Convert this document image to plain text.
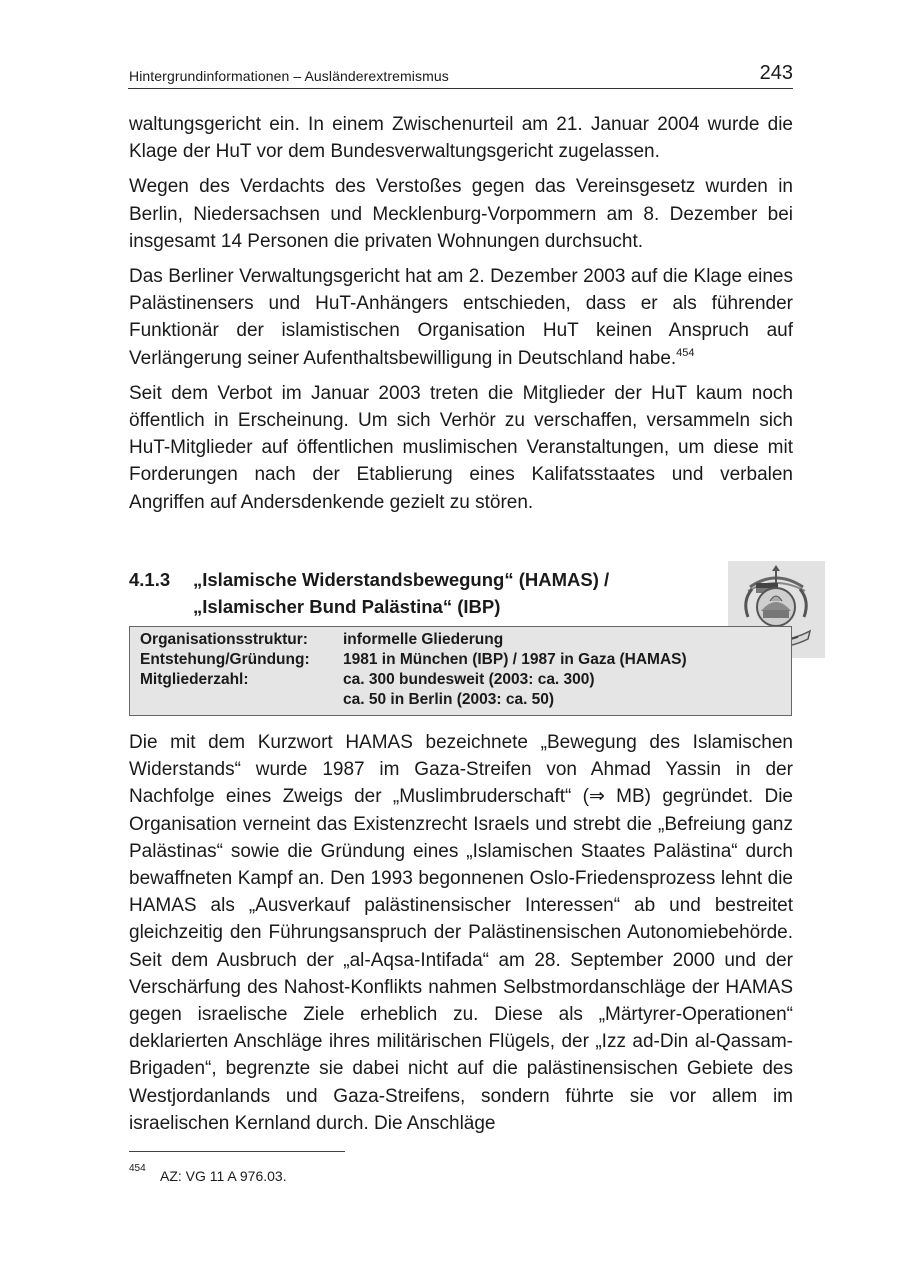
Hintergrundinformationen – Ausländerextremismus	243

waltungsgericht ein. In einem Zwischenurteil am 21. Januar 2004 wurde die Klage der HuT vor dem Bundesverwaltungsgericht zugelassen.

Wegen des Verdachts des Verstoßes gegen das Vereinsgesetz wurden in Berlin, Niedersachsen und Mecklenburg-Vorpommern am 8. Dezember bei insgesamt 14 Personen die privaten Wohnungen durchsucht.

Das Berliner Verwaltungsgericht hat am 2. Dezember 2003 auf die Klage eines Palästinensers und HuT-Anhängers entschieden, dass er als führender Funktionär der islamistischen Organisation HuT keinen Anspruch auf Verlängerung seiner Aufenthaltsbewilligung in Deutschland habe.$^{454}$

Seit dem Verbot im Januar 2003 treten die Mitglieder der HuT kaum noch öffentlich in Erscheinung. Um sich Verhör zu verschaffen, versammeln sich HuT-Mitglieder auf öffentlichen muslimischen Veranstaltungen, um diese mit Forderungen nach der Etablierung eines Kalifatsstaates und verbalen Angriffen auf Andersdenkende gezielt zu stören.

4.1.3 „Islamische Widerstandsbewegung“ (HAMAS) /
„Islamischer Bund Palästina“ (IBP)
Organisationsstruktur: informelle Gliederung
Entstehung/Gründung: 1981 in München (IBP) / 1987 in Gaza (HAMAS)
Mitgliederzahl:	ca. 300 bundesweit (2003: ca. 300)
ca. 50 in Berlin (2003: ca. 50)

Die mit dem Kurzwort HAMAS bezeichnete „Bewegung des Islamischen Widerstands“ wurde 1987 im Gaza-Streifen von Ahmad Yassin in der Nachfolge eines Zweigs der „Muslimbruderschaft“ (⇒ MB) gegründet. Die Organisation verneint das Existenzrecht Israels und strebt die „Befreiung ganz Palästinas“ sowie die Gründung eines „Islamischen Staates Palästina“ durch bewaffneten Kampf an. Den 1993 begonnenen Oslo-Friedensprozess lehnt die HAMAS als „Ausverkauf palästinensischer Interessen“ ab und bestreitet gleichzeitig den Führungsanspruch der Palästinensischen Autonomiebehörde. Seit dem Ausbruch der „al-Aqsa-Intifada“ am 28. September 2000 und der Verschärfung des Nahost-Konflikts nahmen Selbstmordanschläge der HAMAS gegen israelische Ziele erheblich zu. Diese als „Märtyrer-Operationen“ deklarierten Anschläge ihres militärischen Flügels, der „Izz ad-Din al-Qassam-Brigaden“, begrenzte sie dabei nicht auf die palästinensischen Gebiete des Westjordanlands und Gaza-Streifens, sondern führte sie vor allem im israelischen Kernland durch. Die Anschläge

454 AZ: VG 11 A 976.03.
